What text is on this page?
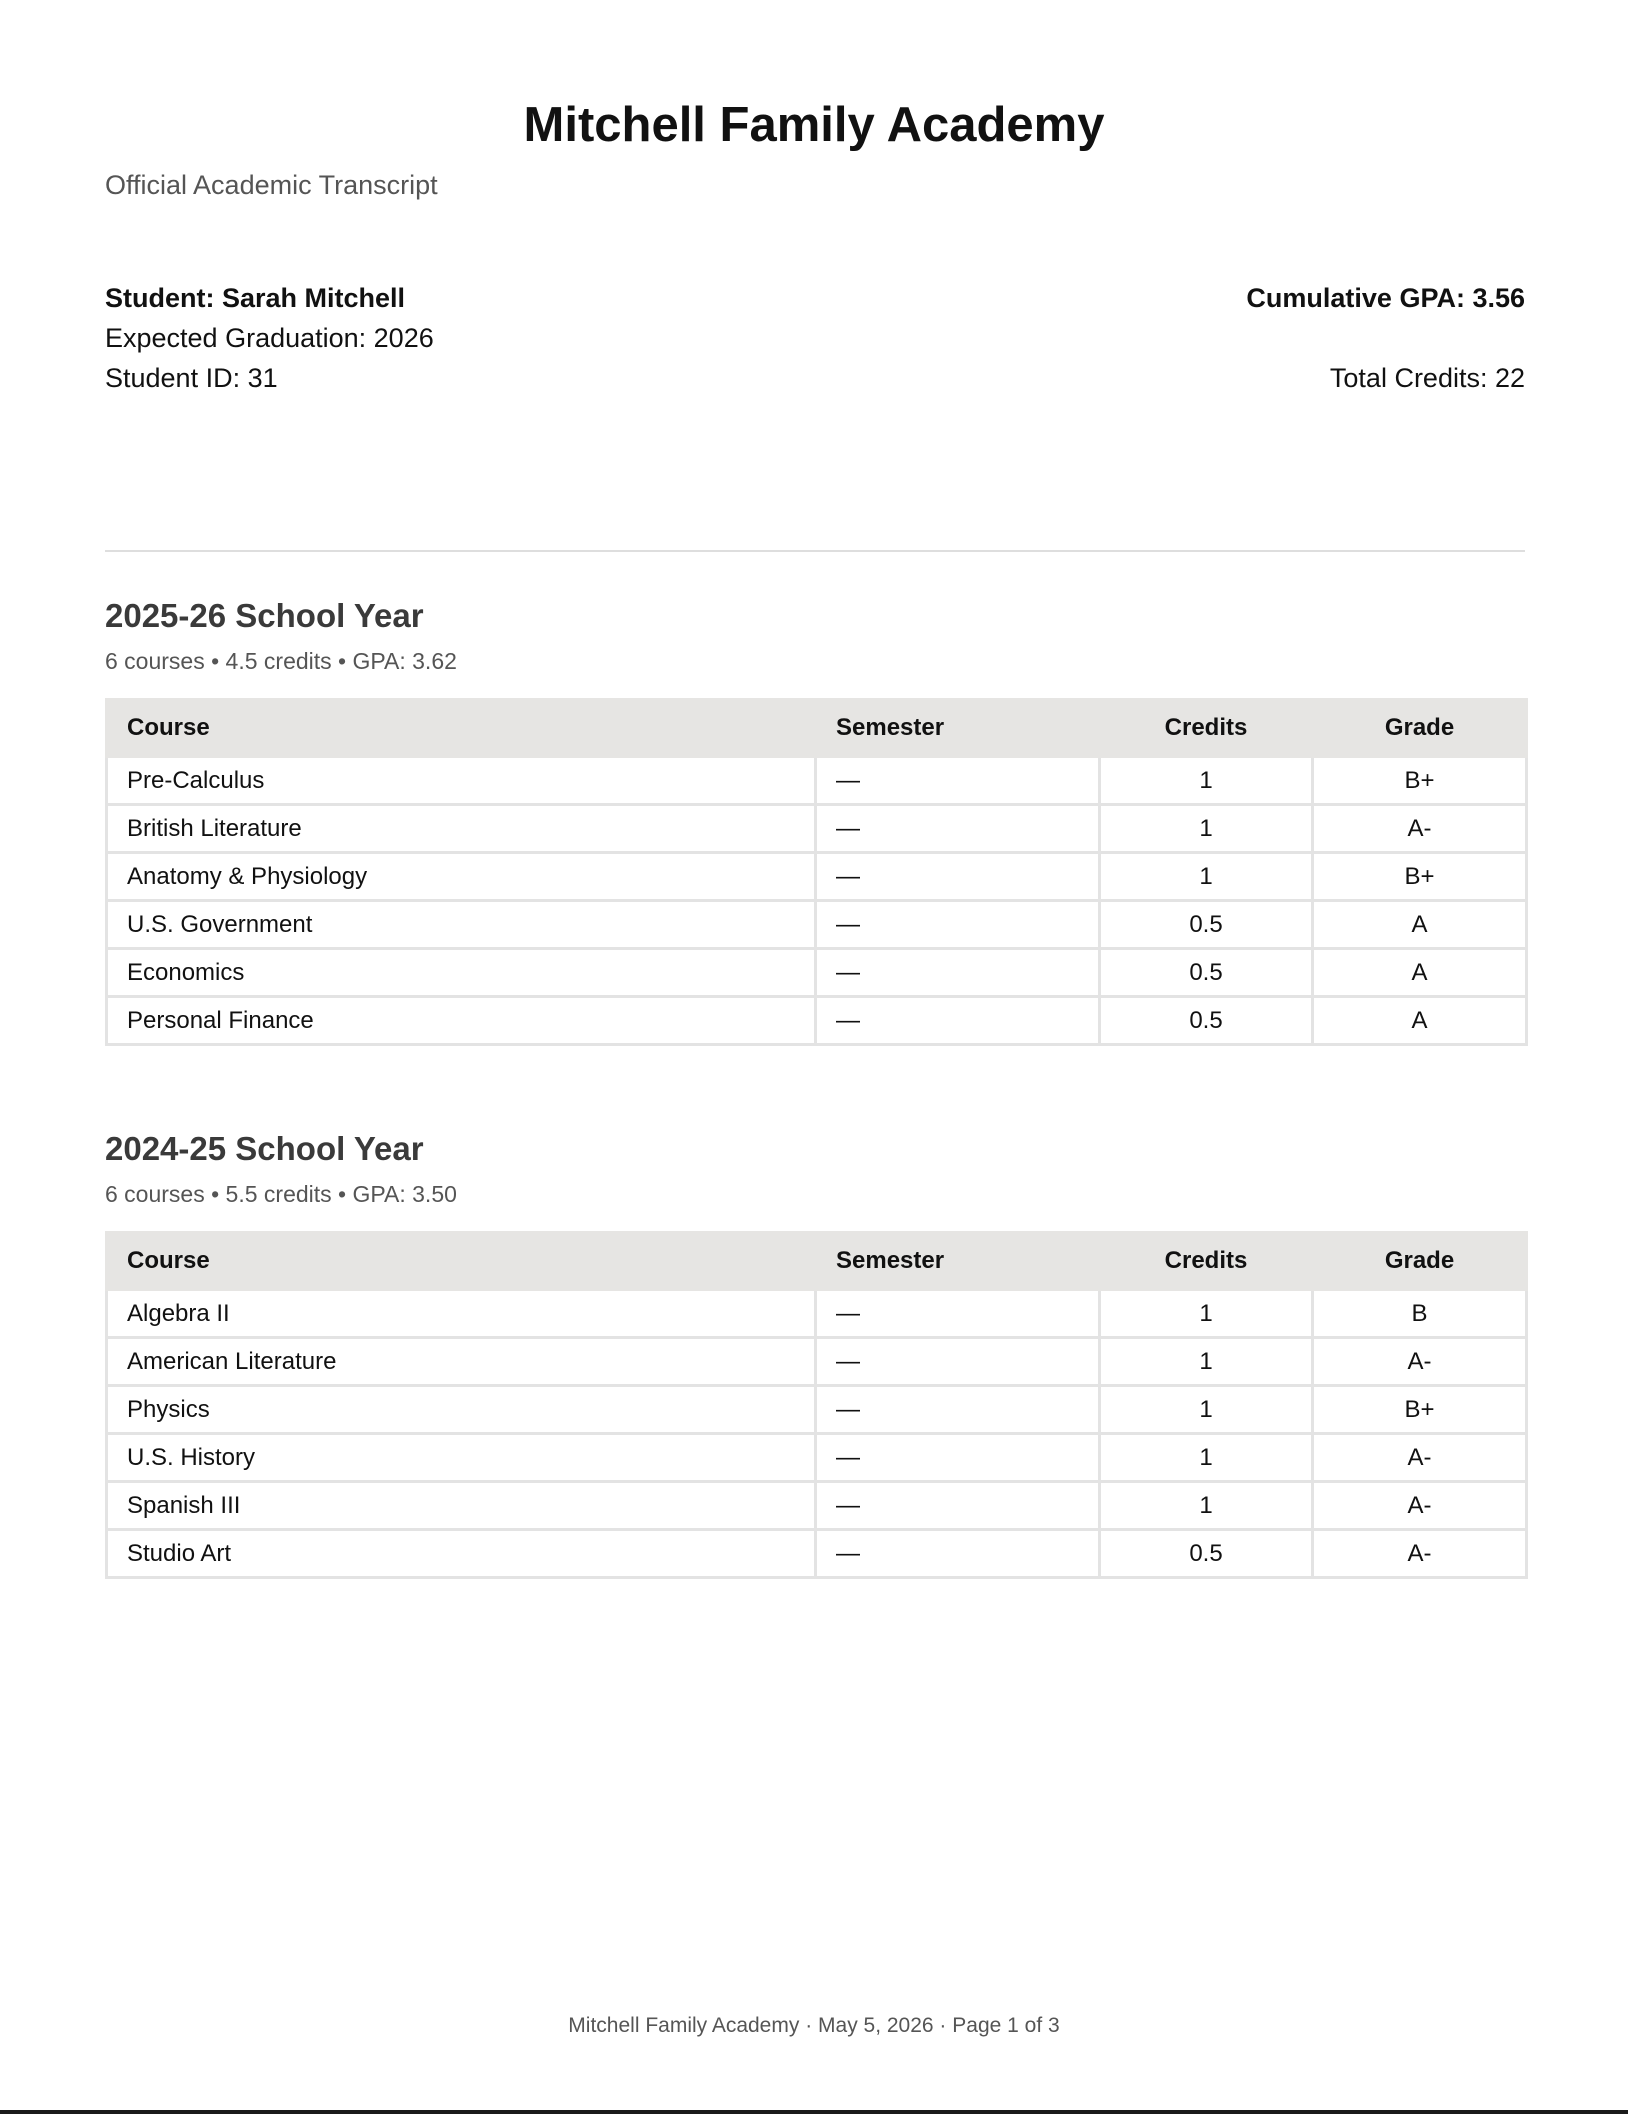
Mitchell Family Academy
Official Academic Transcript
Student: Sarah Mitchell
Expected Graduation: 2026
Student ID: 31
Cumulative GPA: 3.56
Total Credits: 22
2025-26 School Year
6 courses • 4.5 credits • GPA: 3.62
Course	Semester	Credits	Grade
Pre-Calculus	—	1	B+
British Literature	—	1	A-
Anatomy & Physiology	—	1	B+
U.S. Government	—	0.5	A
Economics	—	0.5	A
Personal Finance	—	0.5	A
2024-25 School Year
6 courses • 5.5 credits • GPA: 3.50
Course	Semester	Credits	Grade
Algebra II	—	1	B
American Literature	—	1	A-
Physics	—	1	B+
U.S. History	—	1	A-
Spanish III	—	1	A-
Studio Art	—	0.5	A-
Mitchell Family Academy · May 5, 2026 · Page 1 of 3
